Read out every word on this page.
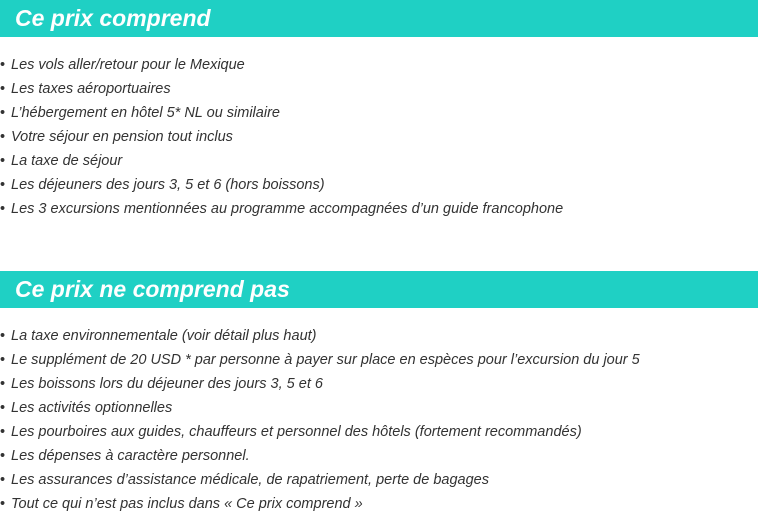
Ce prix comprend
• Les vols aller/retour pour le Mexique
• Les taxes aéroportuaires
• L’hébergement en hôtel 5* NL ou similaire
• Votre séjour en pension tout inclus
• La taxe de séjour
• Les déjeuners des jours 3, 5 et 6 (hors boissons)
• Les 3 excursions mentionnées au programme accompagnées d’un guide francophone
Ce prix ne comprend pas
• La taxe environnementale (voir détail plus haut)
• Le supplément de 20 USD * par personne à payer sur place en espèces pour l’excursion du jour 5
• Les boissons lors du déjeuner des jours 3, 5 et 6
• Les activités optionnelles
• Les pourboires aux guides, chauffeurs et personnel des hôtels (fortement recommandés)
• Les dépenses à caractère personnel.
• Les assurances d’assistance médicale, de rapatriement, perte de bagages
• Tout ce qui n’est pas inclus dans « Ce prix comprend »
